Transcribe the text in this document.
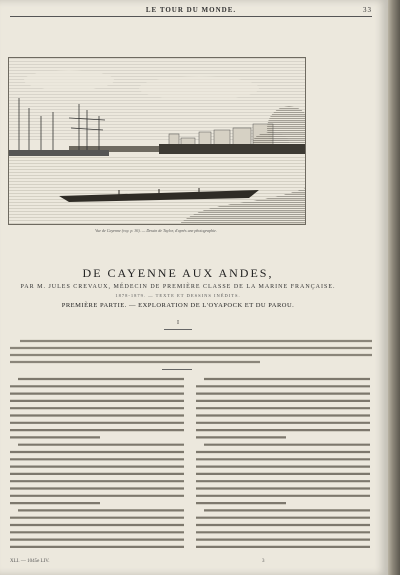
LE TOUR DU MONDE.	33
Vue de Cayenne (voy. p. 36). — Dessin de Taylor, d'après une photographie.
DE CAYENNE AUX ANDES,
PAR M. JULES CREVAUX, MÉDECIN DE PREMIÈRE CLASSE DE LA MARINE FRANÇAISE.
1878-1879. — TEXTE ET DESSINS INÉDITS.
PREMIÈRE PARTIE. — EXPLORATION DE L'OYAPOCK ET DU PAROU.
I
XLI. — 1045e LIV.	3
